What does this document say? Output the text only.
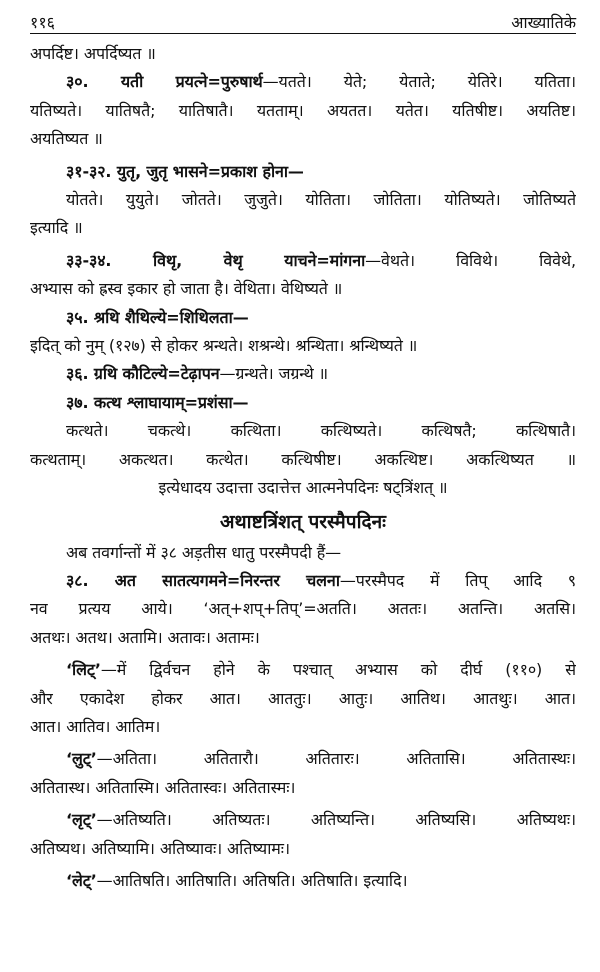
११६	आख्यातिके
अपर्दिष्ट। अपर्दिष्यत ॥
३०. यती प्रयत्ने=पुरुषार्थ—यतते। येते; येताते; येतिरे। यतिता।
यतिष्यते। यातिषतै; यातिषातै। यतताम्। अयतत। यतेत। यतिषीष्ट। अयतिष्ट।
अयतिष्यत ॥
३१-३२. युतृ, जुतृ भासने=प्रकाश होना—
योतते। युयुते। जोतते। जुजुते। योतिता। जोतिता। योतिष्यते। जोतिष्यते
इत्यादि ॥
३३-३४. विथृ, वेथृ याचने=मांगना—वेथते। विविथे। विवेथे,
अभ्यास को ह्रस्व इकार हो जाता है। वेथिता। वेथिष्यते ॥
३५. श्रथि शैथिल्ये=शिथिलता—
इदित् को नुम् (१२७) से होकर श्रन्थते। शश्रन्थे। श्रन्थिता। श्रन्थिष्यते ॥
३६. ग्रथि कौटिल्ये=टेढ़ापन—ग्रन्थते। जग्रन्थे ॥
३७. कत्थ श्लाघायाम्=प्रशंसा—
कत्थते। चकत्थे। कत्थिता। कत्थिष्यते। कत्थिषतै; कत्थिषातै।
कत्थताम्। अकत्थत। कत्थेत। कत्थिषीष्ट। अकत्थिष्ट। अकत्थिष्यत ॥
इत्येधादय उदात्ता उदात्तेत्त आत्मनेपदिनः षट्त्रिंशत् ॥
अथाष्टत्रिंशत् परस्मैपदिनः
अब तवर्गान्तों में ३८ अड़तीस धातु परस्मैपदी हैं—
३८. अत सातत्यगमने=निरन्तर चलना—परस्मैपद में तिप् आदि ९
नव प्रत्यय आये। ‘अत्+शप्+तिप्’=अतति। अततः। अतन्ति। अतसि।
अतथः। अतथ। अतामि। अतावः। अतामः।
‘लिट्’—में द्विर्वचन होने के पश्चात् अभ्यास को दीर्घ (११०) से
और एकादेश होकर आत। आततुः। आतुः। आतिथ। आतथुः। आत।
आत। आतिव। आतिम।
‘लुट्’—अतिता। अतितारौ। अतितारः। अतितासि। अतितास्थः।
अतितास्थ। अतितास्मि। अतितास्वः। अतितास्मः।
‘लृट्’—अतिष्यति। अतिष्यतः। अतिष्यन्ति। अतिष्यसि। अतिष्यथः।
अतिष्यथ। अतिष्यामि। अतिष्यावः। अतिष्यामः।
‘लेट्’—आतिषति। आतिषाति। अतिषति। अतिषाति। इत्यादि।
